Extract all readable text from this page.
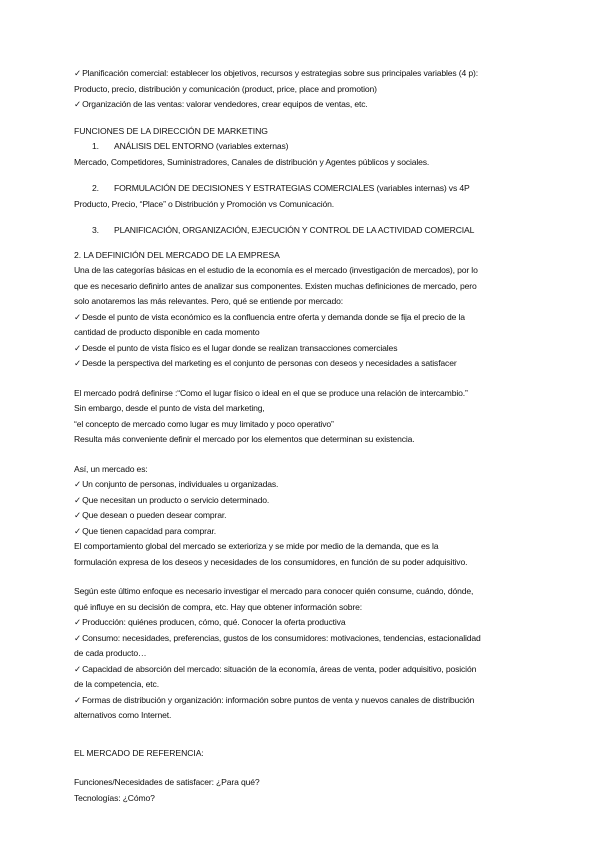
✓Planificación comercial: establecer los objetivos, recursos y estrategias sobre sus principales variables (4 p):
Producto, precio, distribución y comunicación (product, price, place and promotion)
✓Organización de las ventas: valorar vendedores, crear equipos de ventas, etc.
FUNCIONES DE LA DIRECCIÓN DE MARKETING
1. ANÁLISIS DEL ENTORNO (variables externas)
Mercado, Competidores, Suministradores, Canales de distribución y Agentes públicos y sociales.
2. FORMULACIÓN DE DECISIONES Y ESTRATEGIAS COMERCIALES (variables internas) vs 4P
Producto, Precio, “Place” o Distribución y Promoción vs Comunicación.
3. PLANIFICACIÓN, ORGANIZACIÓN, EJECUCIÓN Y CONTROL DE LA ACTIVIDAD COMERCIAL
2. LA DEFINICIÓN DEL MERCADO DE LA EMPRESA
Una de las categorías básicas en el estudio de la economía es el mercado (investigación de mercados), por lo
que es necesario definirlo antes de analizar sus componentes. Existen muchas definiciones de mercado, pero
solo anotaremos las más relevantes. Pero, qué se entiende por mercado:
✓Desde el punto de vista económico es la confluencia entre oferta y demanda donde se fija el precio de la
cantidad de producto disponible en cada momento
✓Desde el punto de vista físico es el lugar donde se realizan transacciones comerciales
✓Desde la perspectiva del marketing es el conjunto de personas con deseos y necesidades a satisfacer
El mercado podrá definirse :“Como el lugar físico o ideal en el que se produce una relación de intercambio.”
Sin embargo, desde el punto de vista del marketing,
“el concepto de mercado como lugar es muy limitado y poco operativo”
Resulta más conveniente definir el mercado por los elementos que determinan su existencia.
Así, un mercado es:
✓Un conjunto de personas, individuales u organizadas.
✓Que necesitan un producto o servicio determinado.
✓Que desean o pueden desear comprar.
✓Que tienen capacidad para comprar.
El comportamiento global del mercado se exterioriza y se mide por medio de la demanda, que es la
formulación expresa de los deseos y necesidades de los consumidores, en función de su poder adquisitivo.
Según este último enfoque es necesario investigar el mercado para conocer quién consume, cuándo, dónde,
qué influye en su decisión de compra, etc. Hay que obtener información sobre:
✓Producción: quiénes producen, cómo, qué. Conocer la oferta productiva
✓Consumo: necesidades, preferencias, gustos de los consumidores: motivaciones, tendencias, estacionalidad
de cada producto…
✓Capacidad de absorción del mercado: situación de la economía, áreas de venta, poder adquisitivo, posición
de la competencia, etc.
✓Formas de distribución y organización: información sobre puntos de venta y nuevos canales de distribución
alternativos como Internet.
EL MERCADO DE REFERENCIA:
Funciones/Necesidades de satisfacer: ¿Para qué?
Tecnologías: ¿Cómo?
